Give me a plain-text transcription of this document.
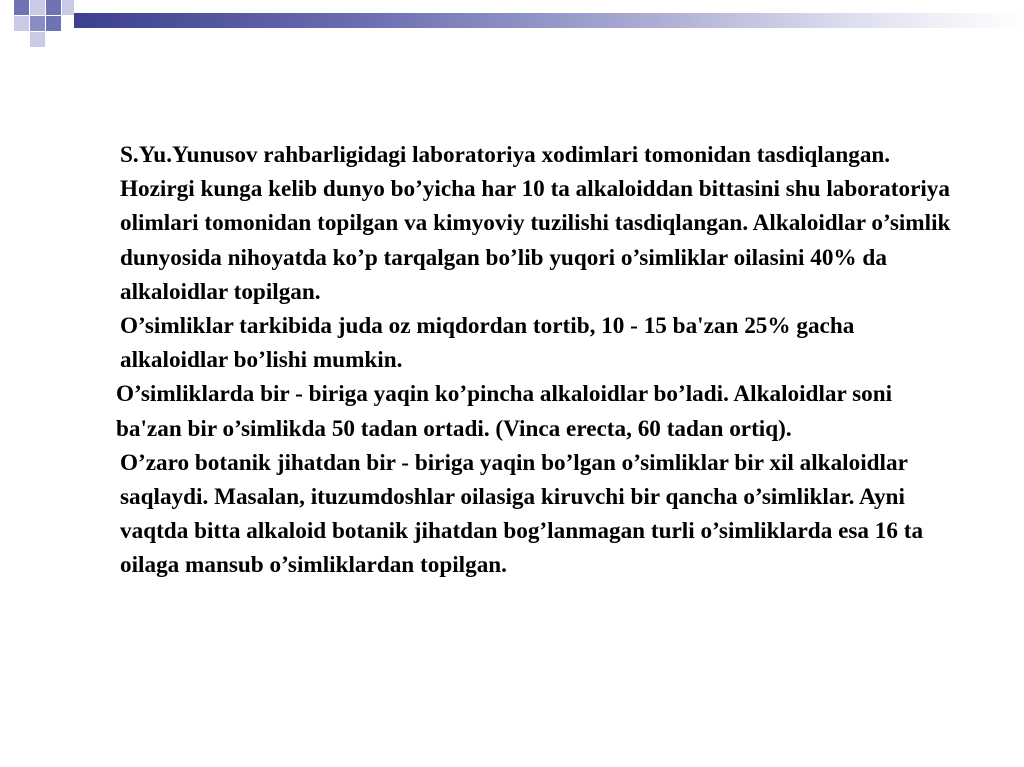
S.Yu.Yunusov rahbarligidagi laboratoriya xodimlari tomonidan tasdiqlangan. Hozirgi kunga kelib dunyo bo’yicha har 10 ta alkaloiddan bittasini shu laboratoriya olimlari tomonidan topilgan va kimyoviy tuzilishi tasdiqlangan. Alkaloidlar o’simlik dunyosida nihoyatda ko’p tarqalgan bo’lib yuqori o’simliklar oilasini 40% da alkaloidlar topilgan.

O’simliklar tarkibida juda oz miqdordan tortib, 10 - 15 ba'zan 25% gacha alkaloidlar bo’lishi mumkin.

O’simliklarda bir - biriga yaqin ko’pincha alkaloidlar bo’ladi. Alkaloidlar soni ba'zan bir o’simlikda 50 tadan ortadi. (Vinca erecta, 60 tadan ortiq).

O’zaro botanik jihatdan bir - biriga yaqin bo’lgan o’simliklar bir xil alkaloidlar saqlaydi. Masalan, ituzumdoshlar oilasiga kiruvchi bir qancha o’simliklar. Ayni vaqtda bitta alkaloid botanik jihatdan bog’lanmagan turli o’simliklarda esa 16 ta oilaga mansub o’simliklardan topilgan.
